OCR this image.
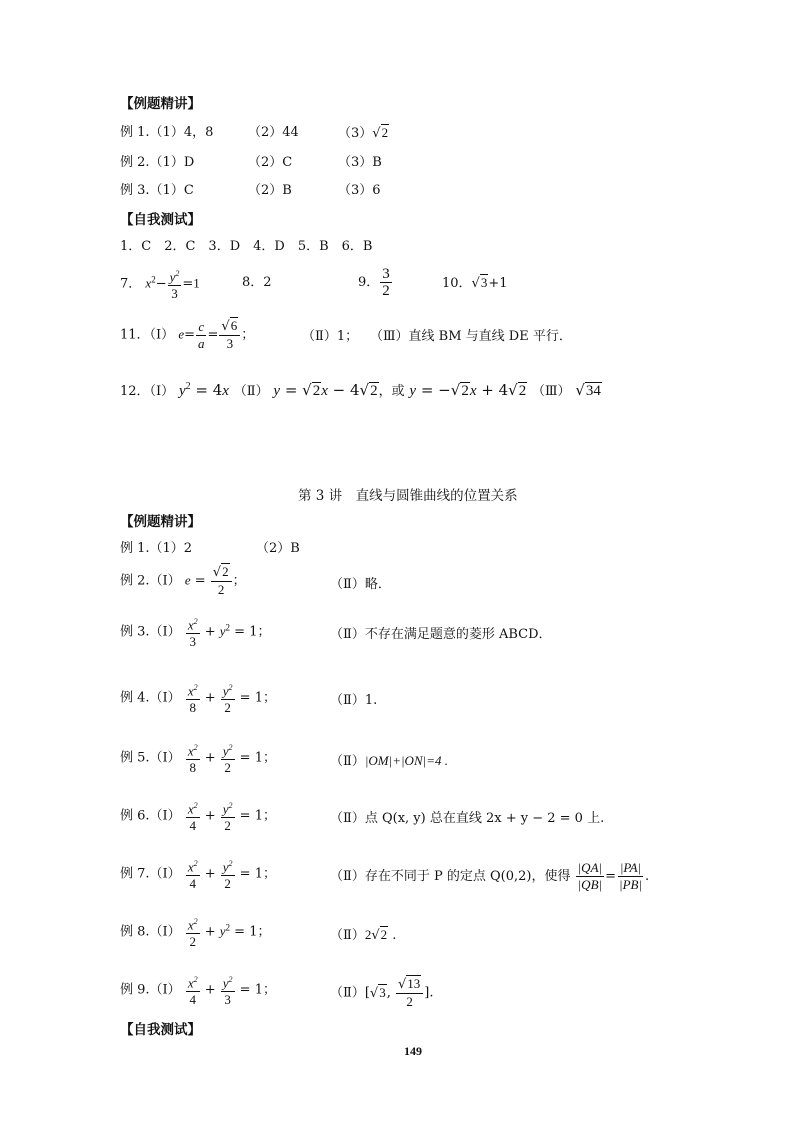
【例题精讲】
例 1.（1）4，8	（2）44	（3）√2
例 2.（1）D	（2）C	（3）B
例 3.（1）C	（2）B	（3）6
【自我测试】
1．C　2．C　3．D　4．D　5．B　6．B
7． $x^2- \frac{y^2}{3} =1$	8．2	9． $\frac{3}{2}$	10．√3+1
11．（Ⅰ） $e= \frac{c}{a} = \frac{√6}{3}$ ；	（Ⅱ）1； （Ⅲ）直线 BM 与直线 DE 平行．
12．（Ⅰ） $y^2 = 4x$ （Ⅱ） y = √2x − 4√2，或 y = −√2x + 4√2 （Ⅲ） √34
第 3 讲　直线与圆锥曲线的位置关系
【例题精讲】
例 1.（1）2	（2）B
例 2.（Ⅰ） $e = \frac{√2}{2}$ ；	（Ⅱ）略．
例 3.（Ⅰ） $\frac{x^2}{3} + y^2 = 1$；	（Ⅱ）不存在满足题意的菱形 ABCD．
例 4.（Ⅰ） $\frac{x^2}{8} + \frac{y^2}{2} = 1$；	（Ⅱ）1.
例 5.（Ⅰ） $\frac{x^2}{8} + \frac{y^2}{2} = 1$；	（Ⅱ）|OM|+|ON|=4 .
例 6.（Ⅰ） $\frac{x^2}{4} + \frac{y^2}{2} = 1$；	（Ⅱ）点 Q(x, y) 总在直线 2x + y − 2 = 0 上.
例 7.（Ⅰ） $\frac{x^2}{4} + \frac{y^2}{2} = 1$；	（Ⅱ）存在不同于 P 的定点 Q(0,2)，使得 $\frac{|QA|}{|QB|} = \frac{|PA|}{|PB|}$ .
例 8.（Ⅰ） $\frac{x^2}{2} + y^2 = 1$；	（Ⅱ）2√2 .
例 9.（Ⅰ） $\frac{x^2}{4} + \frac{y^2}{3} = 1$；	（Ⅱ）[√3, $\frac{√13}{2}$ ].
【自我测试】
149
